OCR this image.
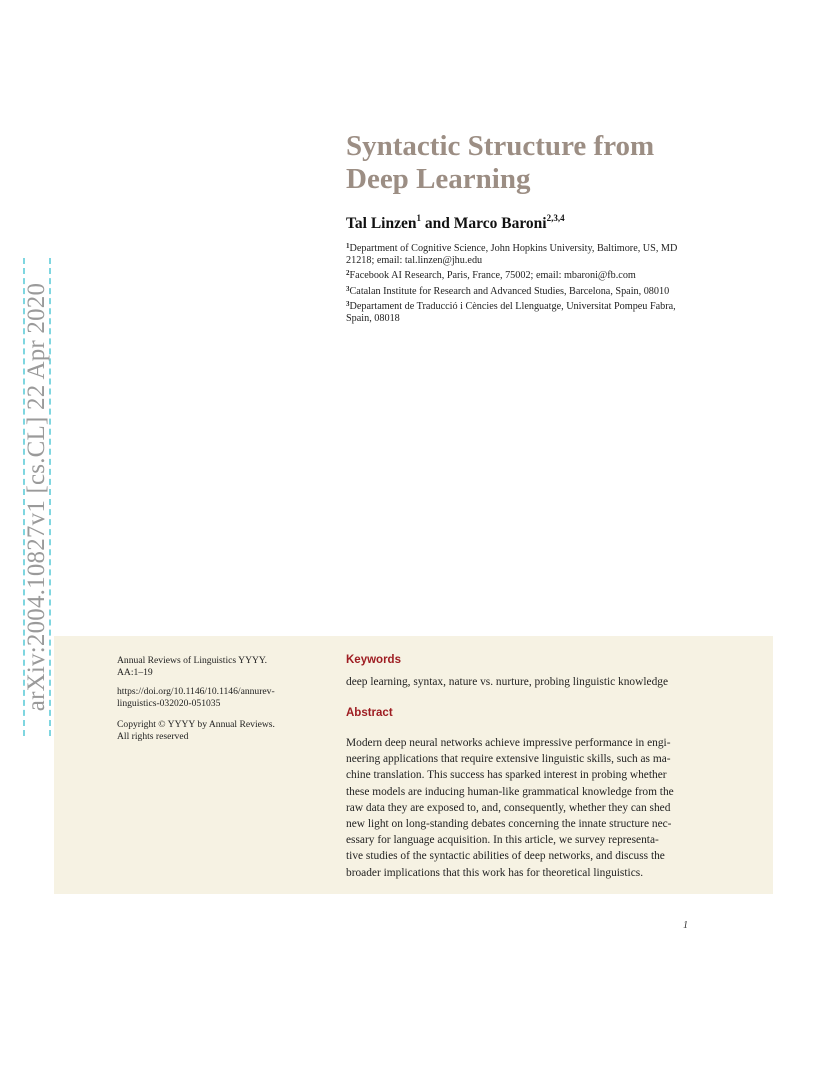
arXiv:2004.10827v1 [cs.CL] 22 Apr 2020
Syntactic Structure from
Deep Learning
Tal Linzen$^1$ and Marco Baroni$^{2,3,4}$

$^1$Department of Cognitive Science, John Hopkins University, Baltimore, US, MD
21218; email: tal.linzen@jhu.edu

$^2$Facebook AI Research, Paris, France, 75002; email: mbaroni@fb.com

$^3$Catalan Institute for Research and Advanced Studies, Barcelona, Spain, 08010

$^3$Departament de Traducció i Cències del Llenguatge, Universitat Pompeu Fabra,
Spain, 08018

Annual Reviews of Linguistics YYYY.
AA:1–19
https://doi.org/10.1146/10.1146/annurev-
linguistics-032020-051035
Copyright © YYYY by Annual Reviews.
All rights reserved
Keywords
deep learning, syntax, nature vs. nurture, probing linguistic knowledge
Abstract

Modern deep neural networks achieve impressive performance in engi-
neering applications that require extensive linguistic skills, such as ma-
chine translation. This success has sparked interest in probing whether
these models are inducing human-like grammatical knowledge from the
raw data they are exposed to, and, consequently, whether they can shed
new light on long-standing debates concerning the innate structure nec-
essary for language acquisition. In this article, we survey representa-
tive studies of the syntactic abilities of deep networks, and discuss the
broader implications that this work has for theoretical linguistics.

1
